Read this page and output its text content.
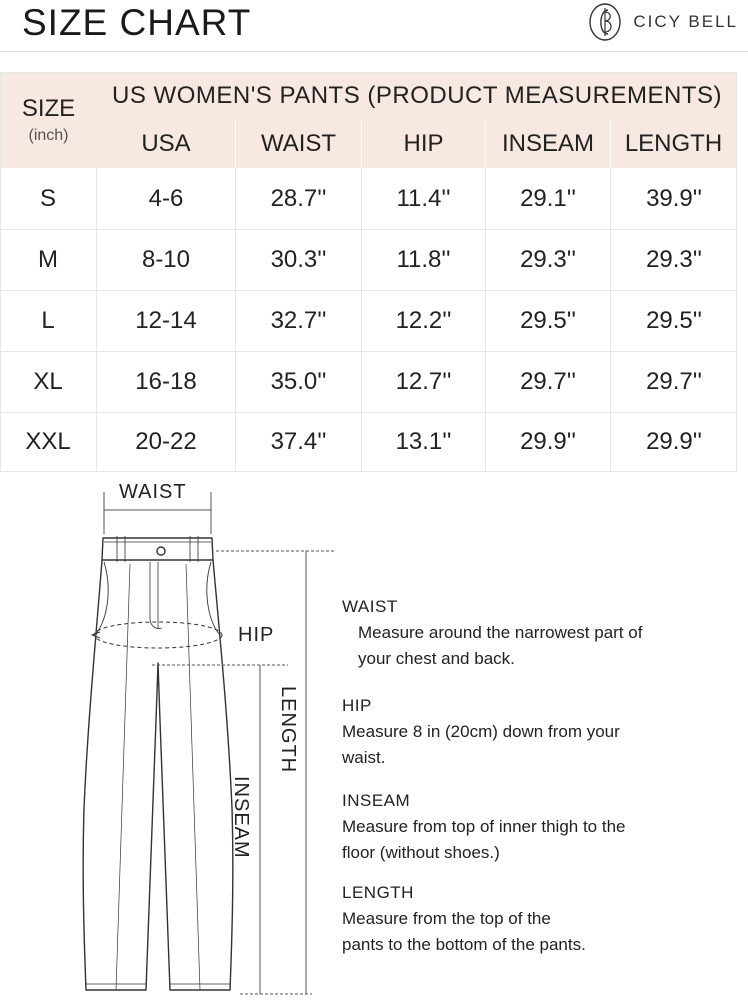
SIZE CHART	CICY BELL
SIZE
(inch)
US WOMEN'S PANTS (PRODUCT MEASUREMENTS)
USA	WAIST	HIP	INSEAM	LENGTH
S	4-6	28.7''	11.4''	29.1''	39.9''
M	8-10	30.3''	11.8''	29.3''	29.3''
L	12-14	32.7''	12.2''	29.5''	29.5''
XL	16-18	35.0''	12.7''	29.7''	29.7''
XXL	20-22	37.4''	13.1''	29.9''	29.9''
WAIST
HIP
LENGTH
INSEAM
WAIST
Measure around the narrowest part of
your chest and back.
HIP
Measure 8 in (20cm) down from your
waist.
INSEAM
Measure from top of inner thigh to the
floor (without shoes.)
LENGTH
Measure from the top of the
pants to the bottom of the pants.
